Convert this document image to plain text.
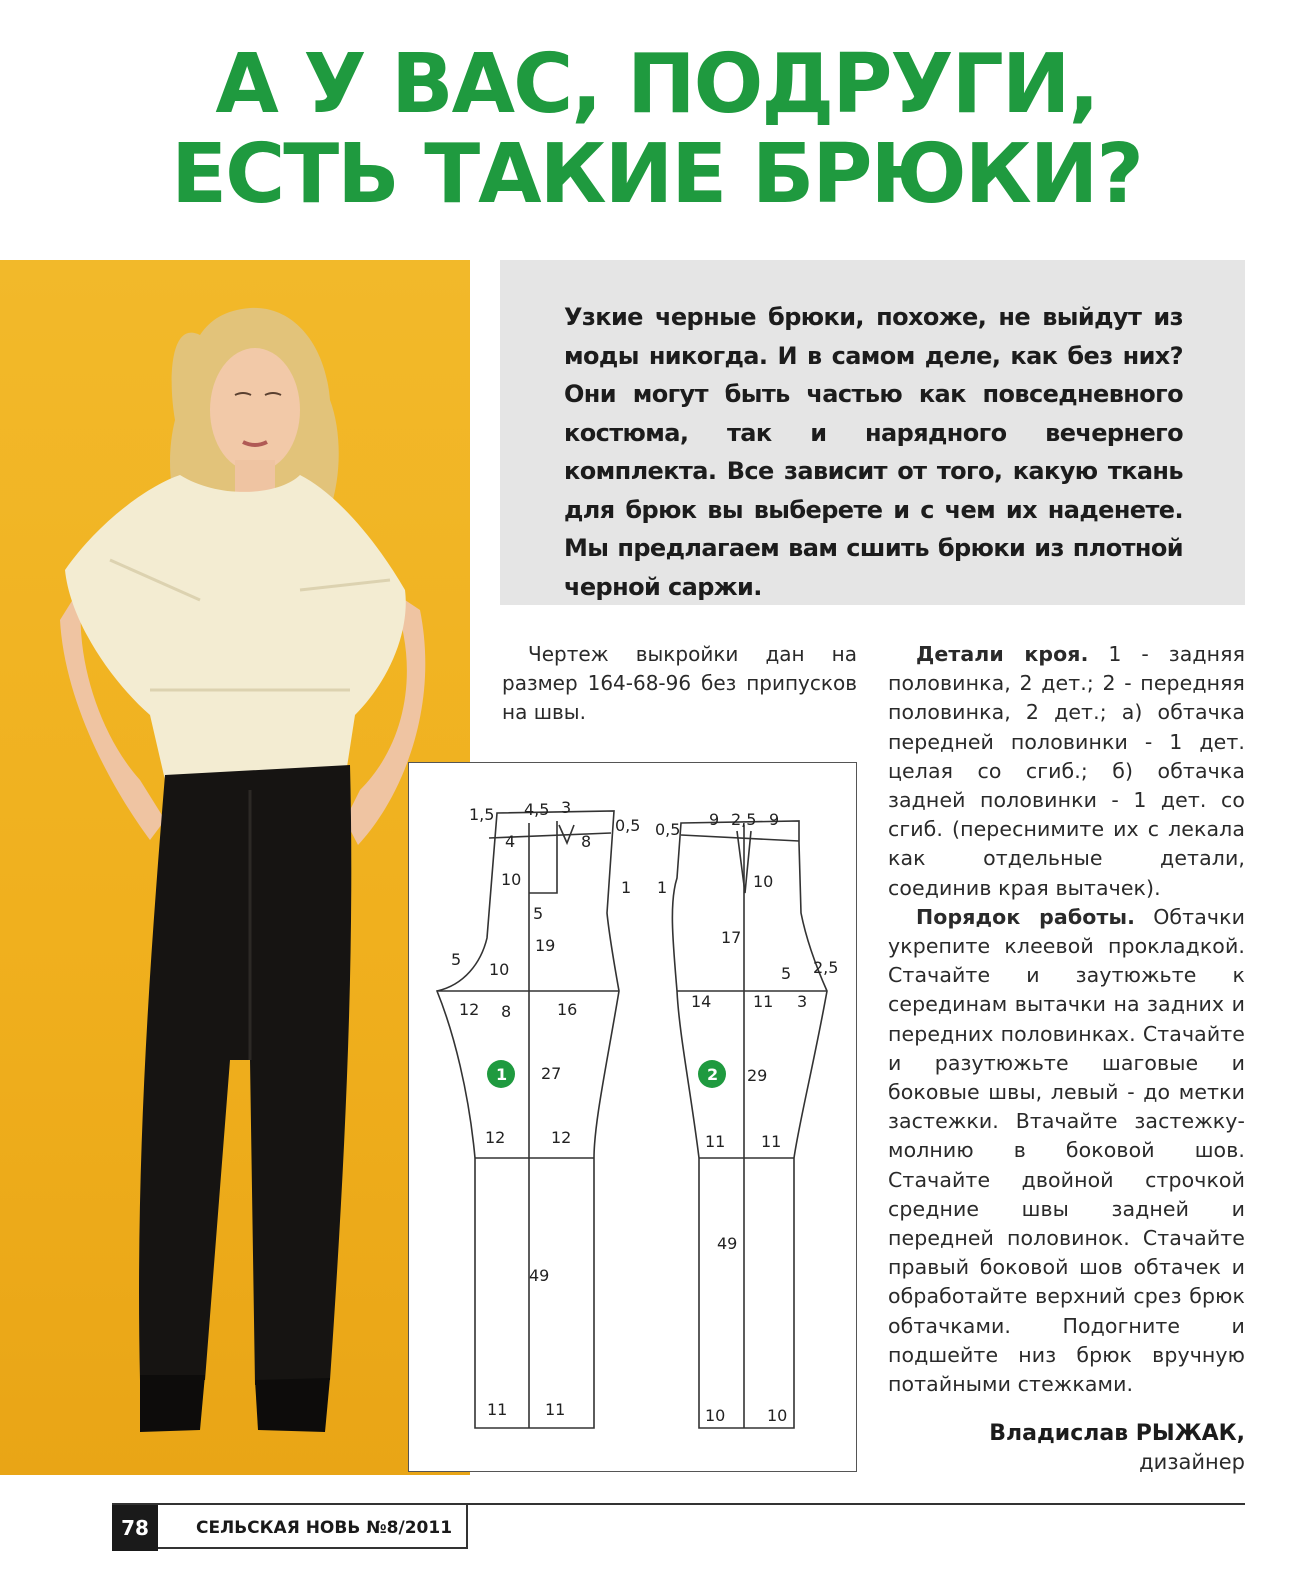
А У ВАС, ПОДРУГИ,
ЕСТЬ ТАКИЕ БРЮКИ?

Узкие черные брюки, похоже, не выйдут из моды никогда. И в самом деле, как без них? Они могут быть частью как повседневного костюма, так и нарядного вечернего комплекта. Все зависит от того, какую ткань для брюк вы выберете и с чем их наденете. Мы предлагаем вам сшить брюки из плотной черной саржи.

Чертеж выкройки дан на размер 164-68-96 без припусков на швы.

1,5 4,5 3
0,5
4	8
10	1
5
19
5
10
12 8	16
27
12	12
49
11 11
1
0,5
9 2,5 9
10
1
17
5 2,5
14	11 3
29
11 11
49
10	10
2

Детали кроя. 1 - задняя половинка, 2 дет.; 2 - передняя половинка, 2 дет.; а) обтачка передней половинки - 1 дет. целая со сгиб.; б) обтачка задней половинки - 1 дет. со сгиб. (переснимите их с лекала как отдельные детали, соединив края вытачек).

Порядок работы. Обтачки укрепите клеевой прокладкой. Стачайте и заутюжьте к серединам вытачки на задних и передних половинках. Стачайте и разутюжьте шаговые и боковые швы, левый - до метки застежки. Втачайте застежку-молнию в боковой шов. Стачайте двойной строчкой средние швы задней и передней половинок. Стачайте правый боковой шов обтачек и обработайте верхний срез брюк обтачками. Подогните и подшейте низ брюк вручную потайными стежками.

Владислав РЫЖАК,
дизайнер
78	СЕЛЬСКАЯ НОВЬ №8/2011
